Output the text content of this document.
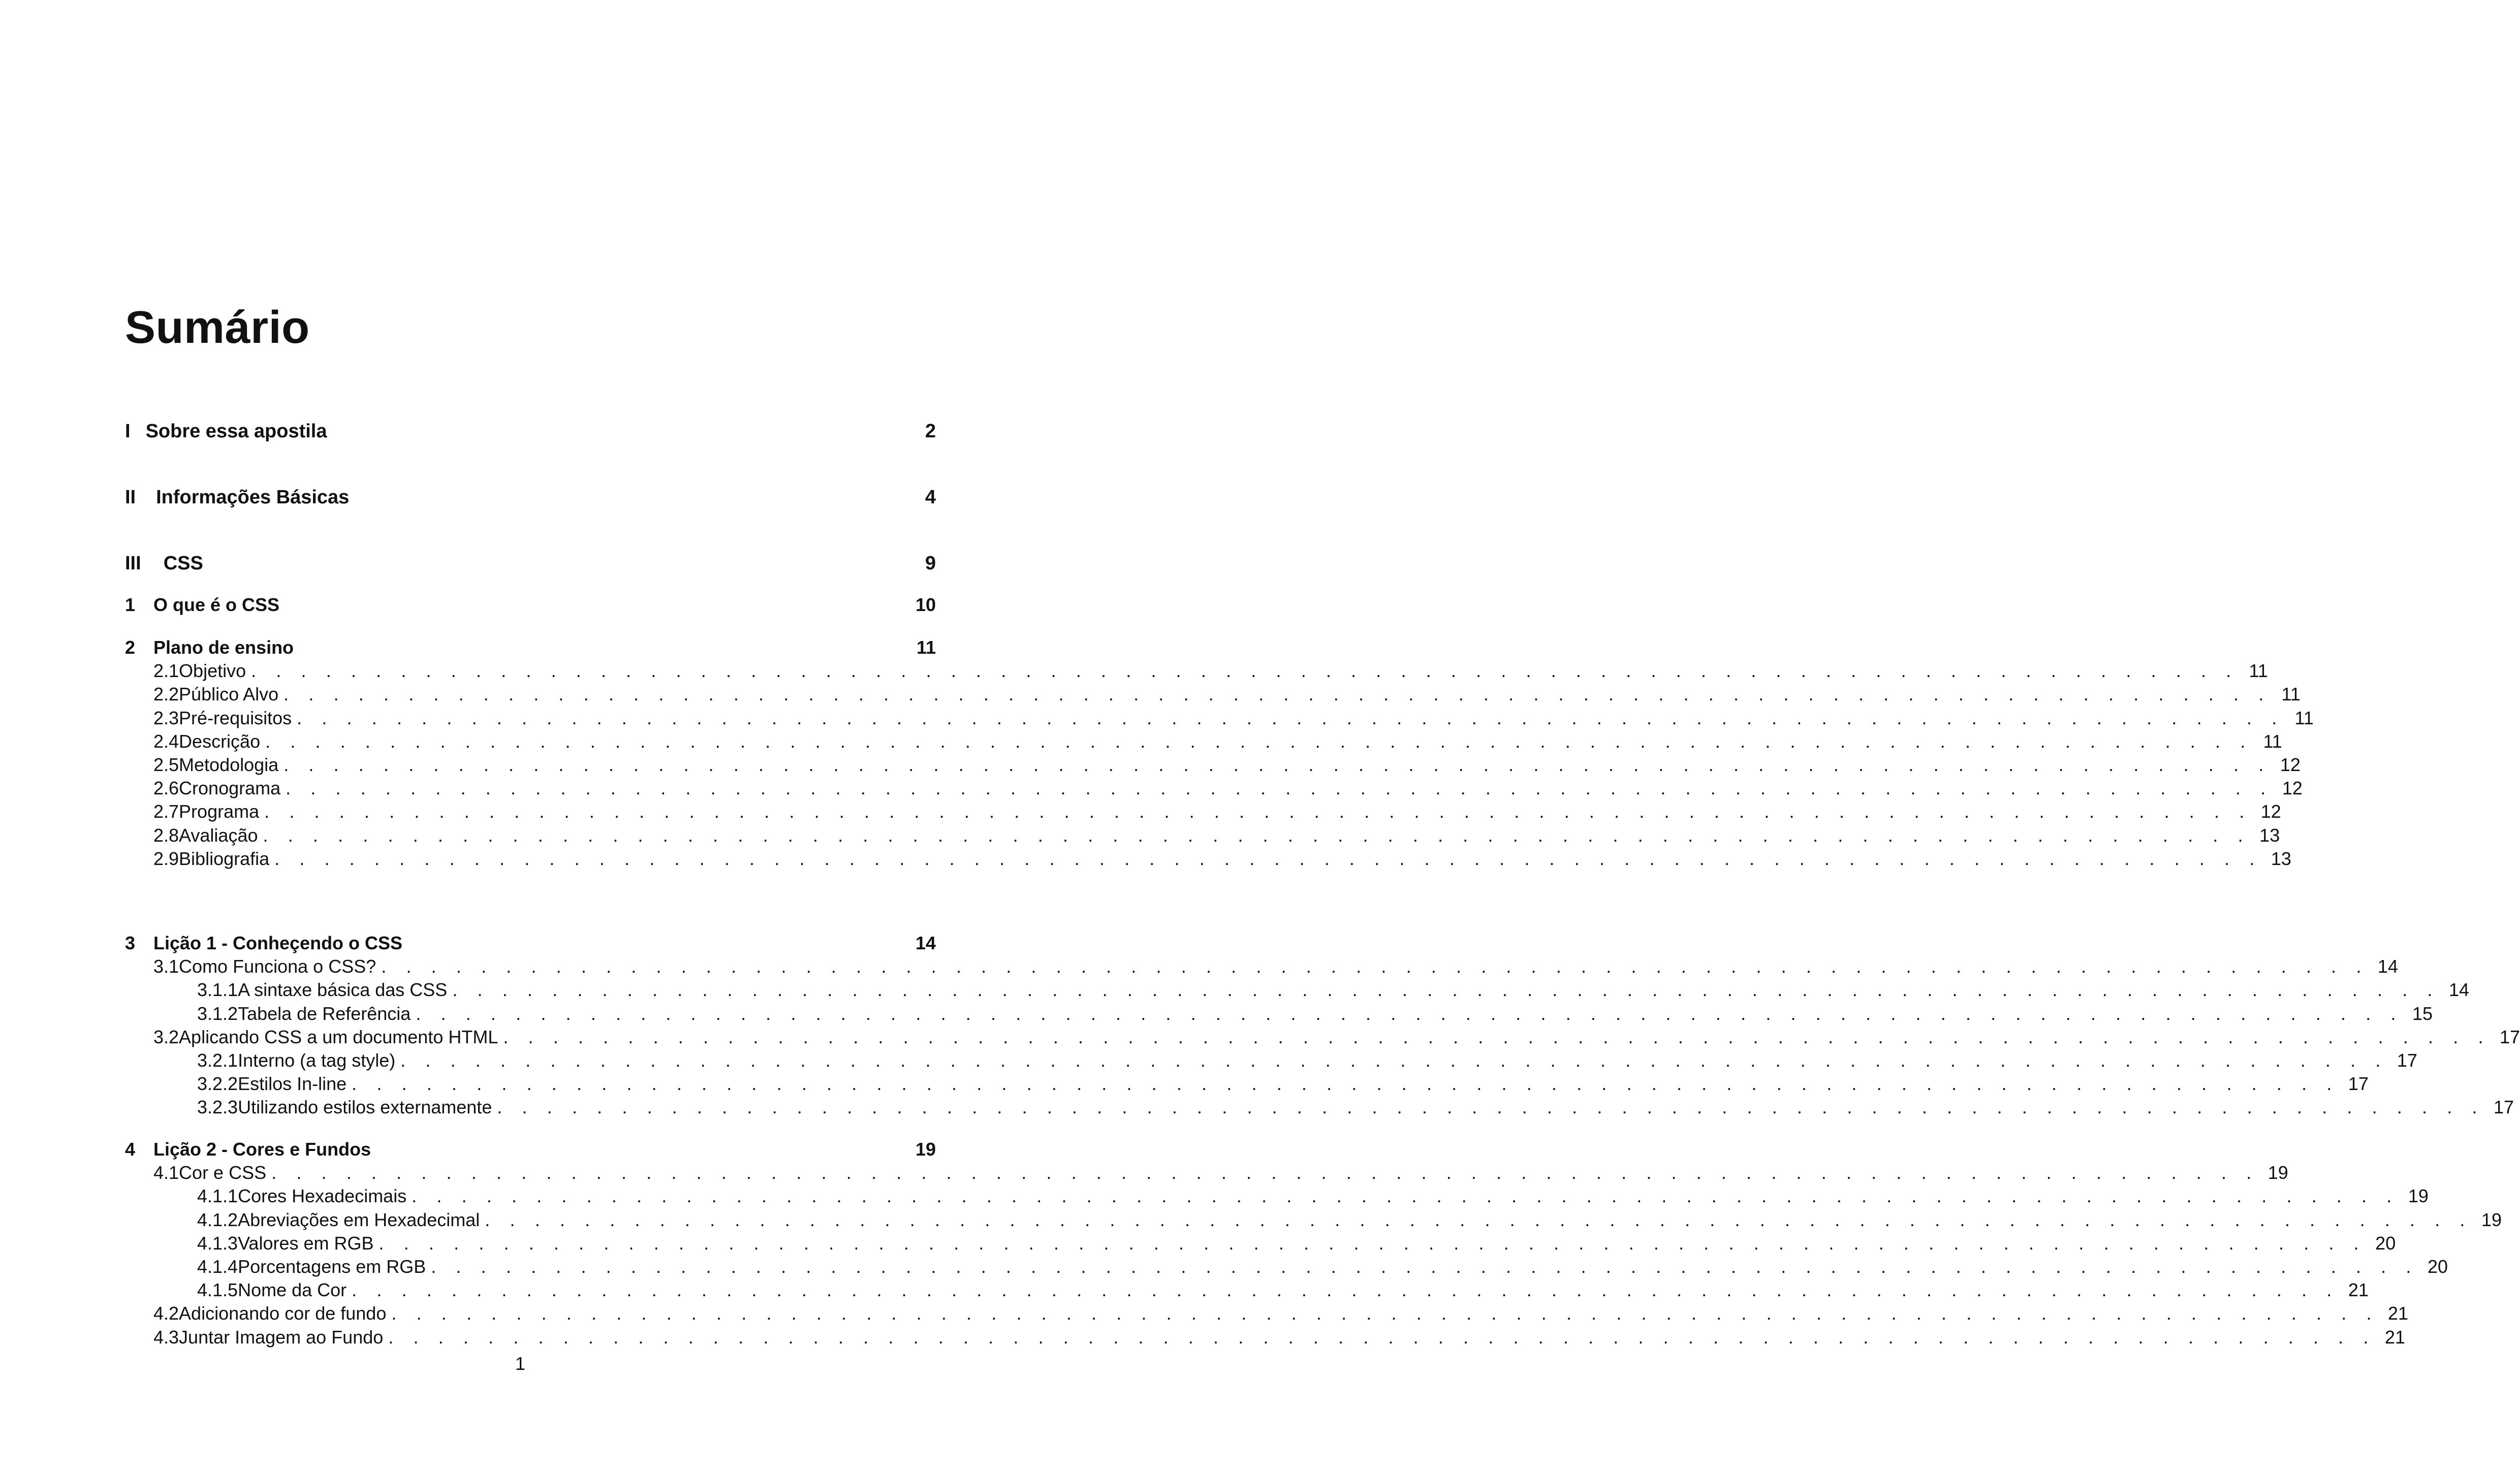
Sumário
I Sobre essa apostila	2
II Informações Básicas	4
III CSS	9
1 O que é o CSS	10
2 Plano de ensino	11
2.1 Objetivo . . . . . . . . . . . . . . . . . . . . . . . . . . . . . . . . . . . . . . . . . . . . . . . . . . . . . . . . . . . . . . . . . . . . . . . . . . . . . . . . 11
2.2 Público Alvo . . . . . . . . . . . . . . . . . . . . . . . . . . . . . . . . . . . . . . . . . . . . . . . . . . . . . . . . . . . . . . . . . . . . . . . . . . . . . . . . 11
2.3 Pré-requisitos . . . . . . . . . . . . . . . . . . . . . . . . . . . . . . . . . . . . . . . . . . . . . . . . . . . . . . . . . . . . . . . . . . . . . . . . . . . . . . . . 11
2.4 Descrição . . . . . . . . . . . . . . . . . . . . . . . . . . . . . . . . . . . . . . . . . . . . . . . . . . . . . . . . . . . . . . . . . . . . . . . . . . . . . . . . 11
2.5 Metodologia . . . . . . . . . . . . . . . . . . . . . . . . . . . . . . . . . . . . . . . . . . . . . . . . . . . . . . . . . . . . . . . . . . . . . . . . . . . . . . . . 12
2.6 Cronograma . . . . . . . . . . . . . . . . . . . . . . . . . . . . . . . . . . . . . . . . . . . . . . . . . . . . . . . . . . . . . . . . . . . . . . . . . . . . . . . . 12
2.7 Programa . . . . . . . . . . . . . . . . . . . . . . . . . . . . . . . . . . . . . . . . . . . . . . . . . . . . . . . . . . . . . . . . . . . . . . . . . . . . . . . . 12
2.8 Avaliação . . . . . . . . . . . . . . . . . . . . . . . . . . . . . . . . . . . . . . . . . . . . . . . . . . . . . . . . . . . . . . . . . . . . . . . . . . . . . . . . 13
2.9 Bibliografia . . . . . . . . . . . . . . . . . . . . . . . . . . . . . . . . . . . . . . . . . . . . . . . . . . . . . . . . . . . . . . . . . . . . . . . . . . . . . . . . 13
3 Lição 1 - Conheçendo o CSS	14
3.1 Como Funciona o CSS? . . . . . . . . . . . . . . . . . . . . . . . . . . . . . . . . . . . . . . . . . . . . . . . . . . . . . . . . . . . . . . . . . . . . . . . . . . . . . . . . 14
3.1.1 A sintaxe básica das CSS . . . . . . . . . . . . . . . . . . . . . . . . . . . . . . . . . . . . . . . . . . . . . . . . . . . . . . . . . . . . . . . . . . . . . . . . . . . . . . . . 14
3.1.2 Tabela de Referência . . . . . . . . . . . . . . . . . . . . . . . . . . . . . . . . . . . . . . . . . . . . . . . . . . . . . . . . . . . . . . . . . . . . . . . . . . . . . . . . 15
3.2 Aplicando CSS a um documento HTML . . . . . . . . . . . . . . . . . . . . . . . . . . . . . . . . . . . . . . . . . . . . . . . . . . . . . . . . . . . . . . . . . . . . . . . . . . . . . . . . 17
3.2.1 Interno (a tag style) . . . . . . . . . . . . . . . . . . . . . . . . . . . . . . . . . . . . . . . . . . . . . . . . . . . . . . . . . . . . . . . . . . . . . . . . . . . . . . . . 17
3.2.2 Estilos In-line . . . . . . . . . . . . . . . . . . . . . . . . . . . . . . . . . . . . . . . . . . . . . . . . . . . . . . . . . . . . . . . . . . . . . . . . . . . . . . . . 17
3.2.3 Utilizando estilos externamente . . . . . . . . . . . . . . . . . . . . . . . . . . . . . . . . . . . . . . . . . . . . . . . . . . . . . . . . . . . . . . . . . . . . . . . . . . . . . . . . 17
4 Lição 2 - Cores e Fundos	19
4.1 Cor e CSS . . . . . . . . . . . . . . . . . . . . . . . . . . . . . . . . . . . . . . . . . . . . . . . . . . . . . . . . . . . . . . . . . . . . . . . . . . . . . . . . 19
4.1.1 Cores Hexadecimais . . . . . . . . . . . . . . . . . . . . . . . . . . . . . . . . . . . . . . . . . . . . . . . . . . . . . . . . . . . . . . . . . . . . . . . . . . . . . . . . 19
4.1.2 Abreviações em Hexadecimal . . . . . . . . . . . . . . . . . . . . . . . . . . . . . . . . . . . . . . . . . . . . . . . . . . . . . . . . . . . . . . . . . . . . . . . . . . . . . . . . 19
4.1.3 Valores em RGB . . . . . . . . . . . . . . . . . . . . . . . . . . . . . . . . . . . . . . . . . . . . . . . . . . . . . . . . . . . . . . . . . . . . . . . . . . . . . . . . 20
4.1.4 Porcentagens em RGB . . . . . . . . . . . . . . . . . . . . . . . . . . . . . . . . . . . . . . . . . . . . . . . . . . . . . . . . . . . . . . . . . . . . . . . . . . . . . . . . 20
4.1.5 Nome da Cor . . . . . . . . . . . . . . . . . . . . . . . . . . . . . . . . . . . . . . . . . . . . . . . . . . . . . . . . . . . . . . . . . . . . . . . . . . . . . . . . 21
4.2 Adicionando cor de fundo . . . . . . . . . . . . . . . . . . . . . . . . . . . . . . . . . . . . . . . . . . . . . . . . . . . . . . . . . . . . . . . . . . . . . . . . . . . . . . . . 21
4.3 Juntar Imagem ao Fundo . . . . . . . . . . . . . . . . . . . . . . . . . . . . . . . . . . . . . . . . . . . . . . . . . . . . . . . . . . . . . . . . . . . . . . . . . . . . . . . . 21
1
